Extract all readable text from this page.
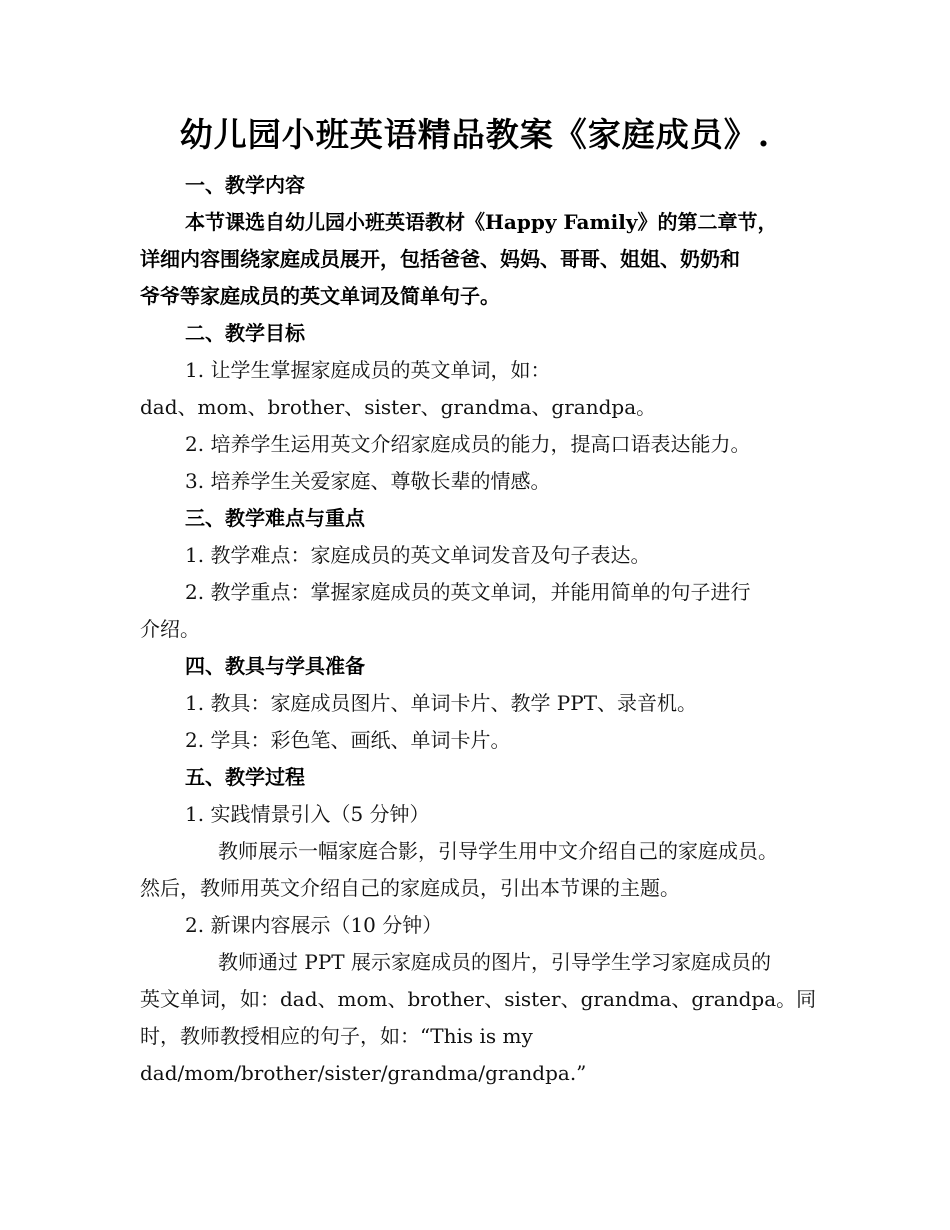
幼儿园小班英语精品教案《家庭成员》.
一、教学内容
本节课选自幼儿园小班英语教材《Happy Family》的第二章节，
详细内容围绕家庭成员展开，包括爸爸、妈妈、哥哥、姐姐、奶奶和
爷爷等家庭成员的英文单词及简单句子。
二、教学目标
1. 让学生掌握家庭成员的英文单词，如：
dad、mom、brother、sister、grandma、grandpa。
2. 培养学生运用英文介绍家庭成员的能力，提高口语表达能力。
3. 培养学生关爱家庭、尊敬长辈的情感。
三、教学难点与重点
1. 教学难点：家庭成员的英文单词发音及句子表达。
2. 教学重点：掌握家庭成员的英文单词，并能用简单的句子进行
介绍。
四、教具与学具准备
1. 教具：家庭成员图片、单词卡片、教学 PPT、录音机。
2. 学具：彩色笔、画纸、单词卡片。
五、教学过程
1. 实践情景引入（5 分钟）
教师展示一幅家庭合影，引导学生用中文介绍自己的家庭成员。
然后，教师用英文介绍自己的家庭成员，引出本节课的主题。
2. 新课内容展示（10 分钟）
教师通过 PPT 展示家庭成员的图片，引导学生学习家庭成员的
英文单词，如：dad、mom、brother、sister、grandma、grandpa。同
时，教师教授相应的句子，如：“This is my
dad/mom/brother/sister/grandma/grandpa.”
